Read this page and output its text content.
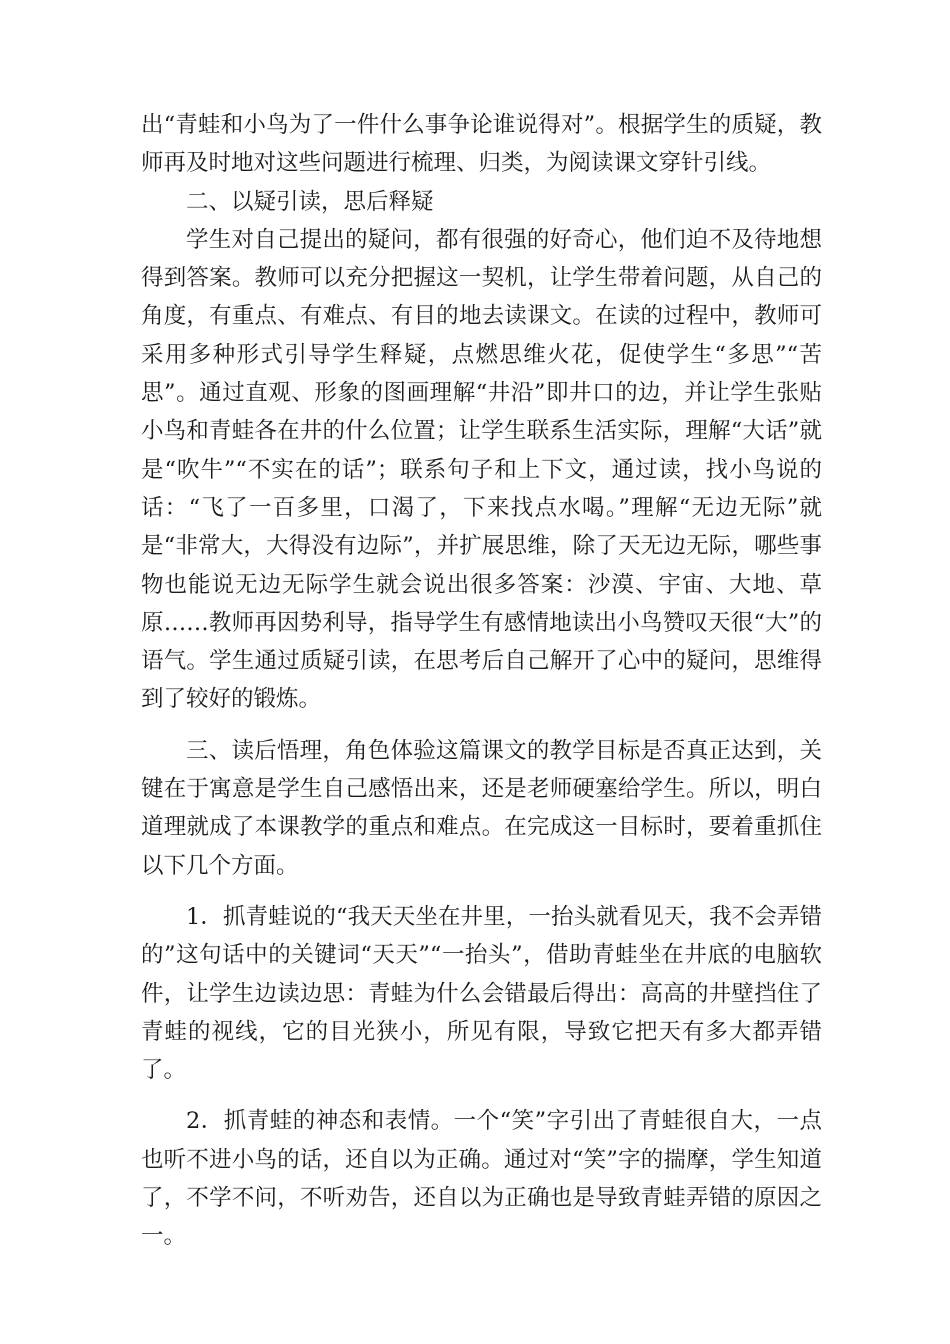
出“青蛙和小鸟为了一件什么事争论谁说得对”。根据学生的质疑，教师再及时地对这些问题进行梳理、归类，为阅读课文穿针引线。

二、以疑引读，思后释疑

学生对自己提出的疑问，都有很强的好奇心，他们迫不及待地想得到答案。教师可以充分把握这一契机，让学生带着问题，从自己的角度，有重点、有难点、有目的地去读课文。在读的过程中，教师可采用多种形式引导学生释疑，点燃思维火花，促使学生“多思”“苦思”。通过直观、形象的图画理解“井沿”即井口的边，并让学生张贴小鸟和青蛙各在井的什么位置；让学生联系生活实际，理解“大话”就是“吹牛”“不实在的话”；联系句子和上下文，通过读，找小鸟说的话：“飞了一百多里，口渴了，下来找点水喝。”理解“无边无际”就是“非常大，大得没有边际”，并扩展思维，除了天无边无际，哪些事物也能说无边无际学生就会说出很多答案：沙漠、宇宙、大地、草原……教师再因势利导，指导学生有感情地读出小鸟赞叹天很“大”的语气。学生通过质疑引读，在思考后自己解开了心中的疑问，思维得到了较好的锻炼。

三、读后悟理，角色体验这篇课文的教学目标是否真正达到，关键在于寓意是学生自己感悟出来，还是老师硬塞给学生。所以，明白道理就成了本课教学的重点和难点。在完成这一目标时，要着重抓住以下几个方面。

1．抓青蛙说的“我天天坐在井里，一抬头就看见天，我不会弄错的”这句话中的关键词“天天”“一抬头”，借助青蛙坐在井底的电脑软件，让学生边读边思：青蛙为什么会错最后得出：高高的井壁挡住了青蛙的视线，它的目光狭小，所见有限，导致它把天有多大都弄错了。

2．抓青蛙的神态和表情。一个“笑”字引出了青蛙很自大，一点也听不进小鸟的话，还自以为正确。通过对“笑”字的揣摩，学生知道了，不学不问，不听劝告，还自以为正确也是导致青蛙弄错的原因之一。
